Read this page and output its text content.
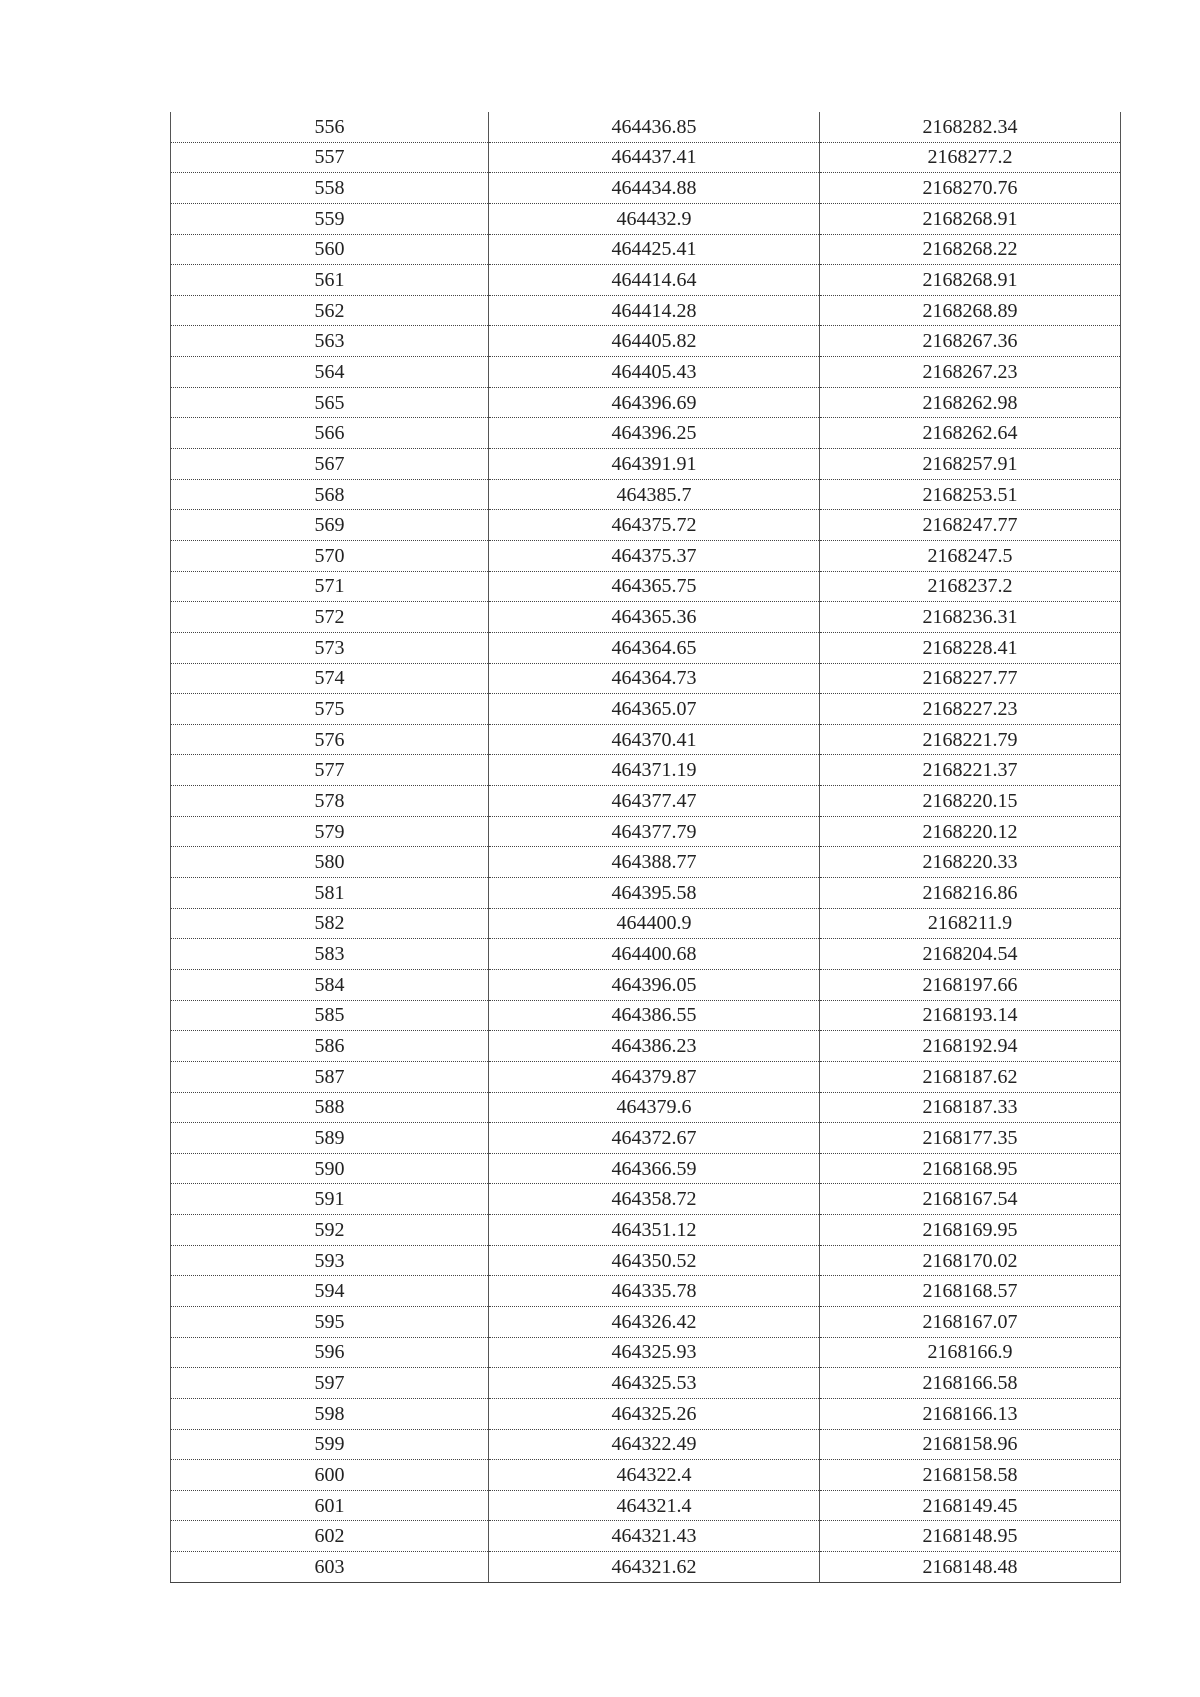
556	464436.85	2168282.34
557	464437.41	2168277.2
558	464434.88	2168270.76
559	464432.9	2168268.91
560	464425.41	2168268.22
561	464414.64	2168268.91
562	464414.28	2168268.89
563	464405.82	2168267.36
564	464405.43	2168267.23
565	464396.69	2168262.98
566	464396.25	2168262.64
567	464391.91	2168257.91
568	464385.7	2168253.51
569	464375.72	2168247.77
570	464375.37	2168247.5
571	464365.75	2168237.2
572	464365.36	2168236.31
573	464364.65	2168228.41
574	464364.73	2168227.77
575	464365.07	2168227.23
576	464370.41	2168221.79
577	464371.19	2168221.37
578	464377.47	2168220.15
579	464377.79	2168220.12
580	464388.77	2168220.33
581	464395.58	2168216.86
582	464400.9	2168211.9
583	464400.68	2168204.54
584	464396.05	2168197.66
585	464386.55	2168193.14
586	464386.23	2168192.94
587	464379.87	2168187.62
588	464379.6	2168187.33
589	464372.67	2168177.35
590	464366.59	2168168.95
591	464358.72	2168167.54
592	464351.12	2168169.95
593	464350.52	2168170.02
594	464335.78	2168168.57
595	464326.42	2168167.07
596	464325.93	2168166.9
597	464325.53	2168166.58
598	464325.26	2168166.13
599	464322.49	2168158.96
600	464322.4	2168158.58
601	464321.4	2168149.45
602	464321.43	2168148.95
603	464321.62	2168148.48
